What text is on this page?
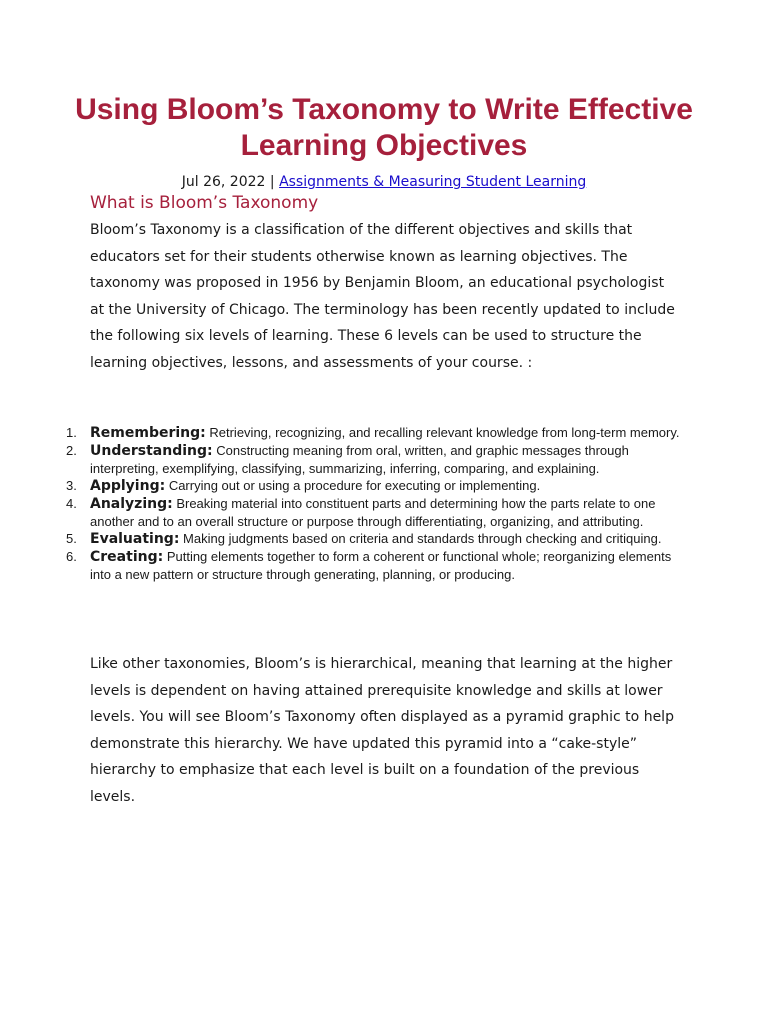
Using Bloom’s Taxonomy to Write Effective Learning Objectives
Jul 26, 2022 | Assignments & Measuring Student Learning
What is Bloom’s Taxonomy

Bloom’s Taxonomy is a classification of the different objectives and skills that educators set for their students otherwise known as learning objectives. The taxonomy was proposed in 1956 by Benjamin Bloom, an educational psychologist at the University of Chicago. The terminology has been recently updated to include the following six levels of learning. These 6 levels can be used to structure the learning objectives, lessons, and assessments of your course. :

1. Remembering: Retrieving, recognizing, and recalling relevant knowledge from long-term memory.
2. Understanding: Constructing meaning from oral, written, and graphic messages through interpreting, exemplifying, classifying, summarizing, inferring, comparing, and explaining.
3. Applying: Carrying out or using a procedure for executing or implementing.
4. Analyzing: Breaking material into constituent parts and determining how the parts relate to one another and to an overall structure or purpose through differentiating, organizing, and attributing.
5. Evaluating: Making judgments based on criteria and standards through checking and critiquing.
6. Creating: Putting elements together to form a coherent or functional whole; reorganizing elements into a new pattern or structure through generating, planning, or producing.

Like other taxonomies, Bloom’s is hierarchical, meaning that learning at the higher levels is dependent on having attained prerequisite knowledge and skills at lower levels. You will see Bloom’s Taxonomy often displayed as a pyramid graphic to help demonstrate this hierarchy. We have updated this pyramid into a “cake-style” hierarchy to emphasize that each level is built on a foundation of the previous levels.
